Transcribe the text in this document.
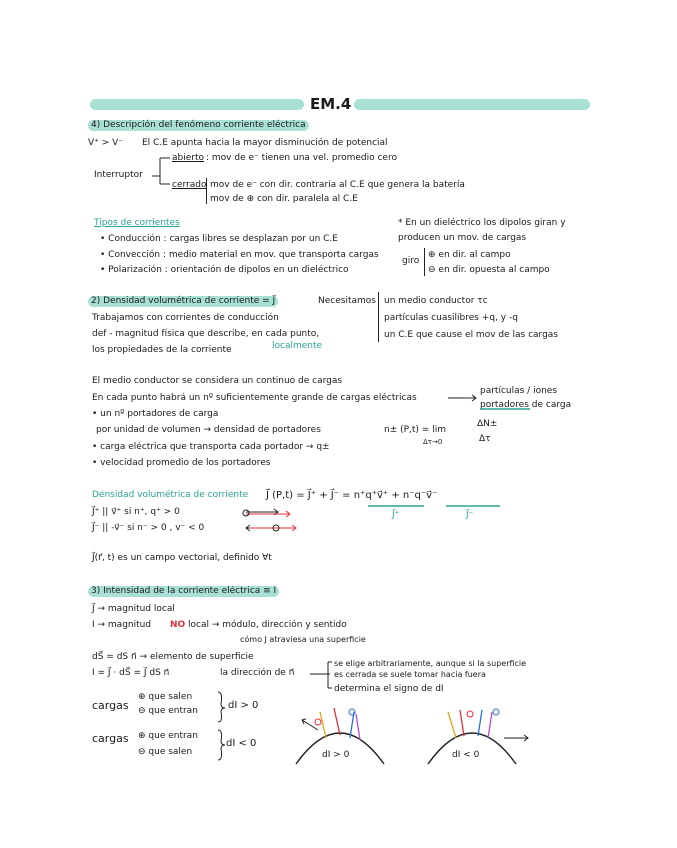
EM.4
4) Descripción del fenómeno corriente eléctrica
V⁺ > V⁻ El C.E apunta hacia la mayor disminución de potencial
Interruptor
abierto : mov de e⁻ tienen una vel. promedio cero
cerrado mov de e⁻ con dir. contraria al C.E que genera la batería
mov de ⊕ con dir. paralela al C.E
Tipos de corrientes
• Conducción : cargas libres se desplazan por un C.E
• Convección : medio material en mov. que transporta cargas
• Polarización : orientación de dipolos en un dieléctrico
* En un dieléctrico los dipolos giran y
producen un mov. de cargas
giro
⊕ en dir. al campo
⊖ en dir. opuesta al campo
2) Densidad volumétrica de corriente = J⃗
Trabajamos con corrientes de conducción
def - magnitud física que describe, en cada punto,
los propiedades de la corriente	localmente
Necesitamos un medio conductor τc
partículas cuasilibres +q, y -q
un C.E que cause el mov de las cargas
El medio conductor se considera un continuo de cargas
En cada punto habrá un nº suficientemente grande de cargas eléctricas
partículas / iones
portadores de carga
• un nº portadores de carga
por unidad de volumen → densidad de portadores	n± (P,t) = lim
Δτ→0
ΔN±
Δτ
• carga eléctrica que transporta cada portador → q±
• velocidad promedio de los portadores
Densidad volumétrica de corriente J⃗ (P,t) = J⃗⁺ + J⃗⁻ = n⁺q⁺v⃗⁺ + n⁻q⁻v⃗⁻
J⃗⁺	J⃗⁻
J⃗⁺ || v⃗⁺ si n⁺, q⁺ > 0
J⃗⁻ || -v⃗⁻ si n⁻ > 0 , v⁻ < 0
J⃗(r⃗, t) es un campo vectorial, definido ∀t
3) Intensidad de la corriente eléctrica ≡ I
J⃗ → magnitud local
I → magnitud NO local → módulo, dirección y sentido
cómo J atraviesa una superficie
dS⃗ = dS n⃗ → elemento de superficie
I = J⃗ · dS⃗ = J⃗ dS n⃗	la dirección de n⃗
se elige arbitrariamente, aunque si la superficie
es cerrada se suele tomar hacia fuera
determina el signo de dI
cargas
⊕ que salen
⊖ que entran	dI > 0
cargas ⊕ que entran
⊖ que salen
dI < 0
dI > 0	dI < 0
